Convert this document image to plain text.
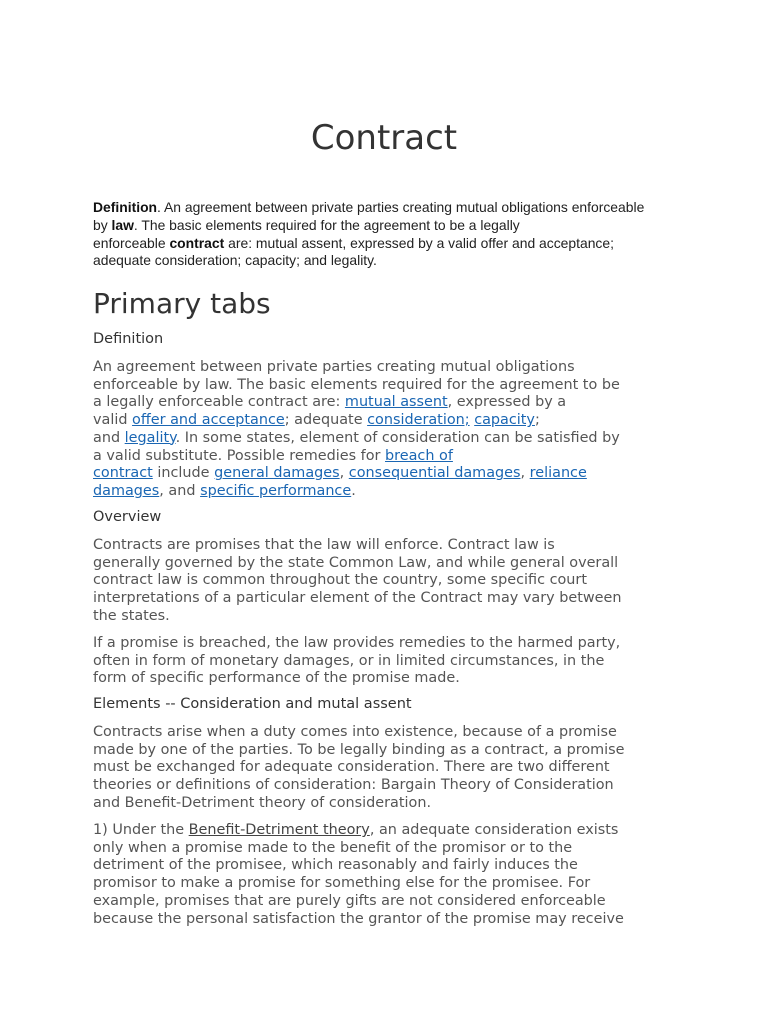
Contract

Definition. An agreement between private parties creating mutual obligations enforceable
by law. The basic elements required for the agreement to be a legally
enforceable contract are: mutual assent, expressed by a valid offer and acceptance;
adequate consideration; capacity; and legality.

Primary tabs
Definition

An agreement between private parties creating mutual obligations
enforceable by law. The basic elements required for the agreement to be
a legally enforceable contract are: mutual assent, expressed by a
valid offer and acceptance; adequate consideration; capacity;
and legality. In some states, element of consideration can be satisfied by
a valid substitute. Possible remedies for breach of
contract include general damages, consequential damages, reliance
damages, and specific performance.

Overview

Contracts are promises that the law will enforce. Contract law is
generally governed by the state Common Law, and while general overall
contract law is common throughout the country, some specific court
interpretations of a particular element of the Contract may vary between
the states.

If a promise is breached, the law provides remedies to the harmed party,
often in form of monetary damages, or in limited circumstances, in the
form of specific performance of the promise made.

Elements -- Consideration and mutal assent

Contracts arise when a duty comes into existence, because of a promise
made by one of the parties. To be legally binding as a contract, a promise
must be exchanged for adequate consideration. There are two different
theories or definitions of consideration: Bargain Theory of Consideration
and Benefit-Detriment theory of consideration.

1) Under the Benefit-Detriment theory, an adequate consideration exists
only when a promise made to the benefit of the promisor or to the
detriment of the promisee, which reasonably and fairly induces the
promisor to make a promise for something else for the promisee. For
example, promises that are purely gifts are not considered enforceable
because the personal satisfaction the grantor of the promise may receive
